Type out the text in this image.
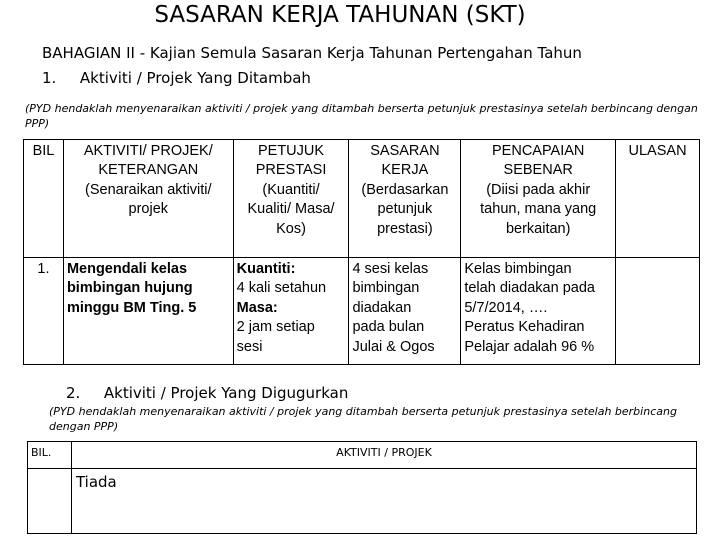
SASARAN KERJA TAHUNAN (SKT)
BAHAGIAN II - Kajian Semula Sasaran Kerja Tahunan Pertengahan Tahun
1. Aktiviti / Projek Yang Ditambah
(PYD hendaklah menyenaraikan aktiviti / projek yang ditambah berserta petunjuk prestasinya setelah berbincang dengan PPP)
BIL	AKTIVITI/ PROJEK/
KETERANGAN
(Senaraikan aktiviti/
projek	PETUJUK
PRESTASI
(Kuantiti/
Kualiti/ Masa/
Kos)	SASARAN
KERJA
(Berdasarkan
petunjuk
prestasi)	PENCAPAIAN
SEBENAR
(Diisi pada akhir
tahun, mana yang
berkaitan)	ULASAN
1.	Mengendali kelas
bimbingan hujung
minggu BM Ting. 5	Kuantiti:
4 kali setahun
Masa:
2 jam setiap
sesi	4 sesi kelas
bimbingan
diadakan
pada bulan
Julai & Ogos	Kelas bimbingan
telah diadakan pada
5/7/2014, ….
Peratus Kehadiran
Pelajar adalah 96 %	

2. Aktiviti / Projek Yang Digugurkan
(PYD hendaklah menyenaraikan aktiviti / projek yang ditambah berserta petunjuk prestasinya setelah berbincang dengan PPP)
BIL.	AKTIVITI / PROJEK
	Tiada
